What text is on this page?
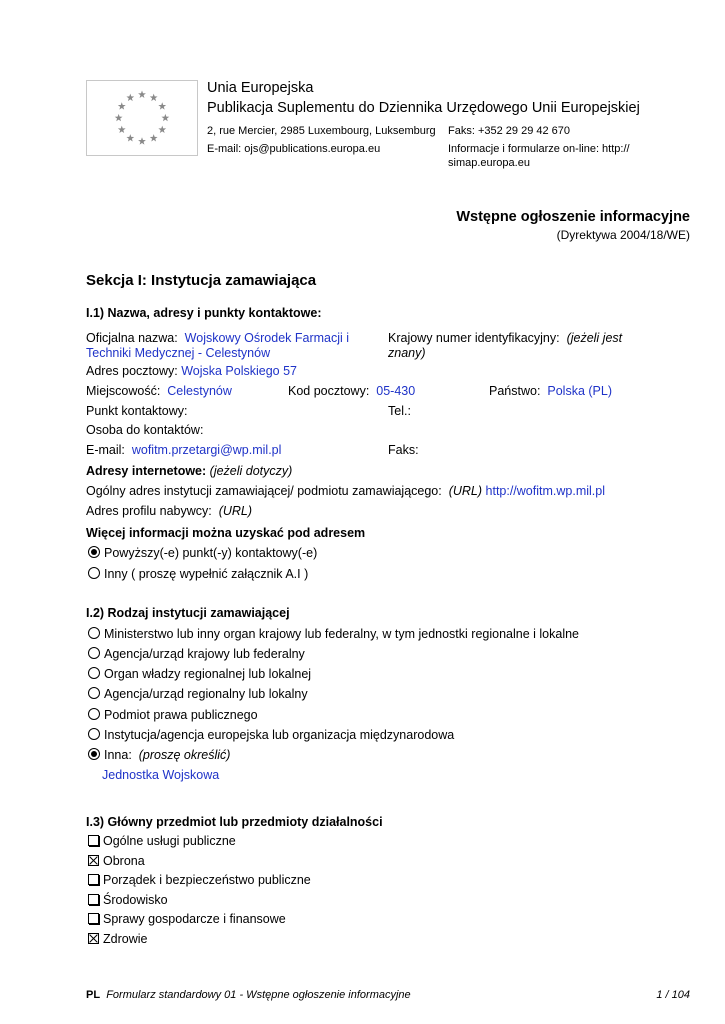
Unia Europejska
Publikacja Suplementu do Dziennika Urzędowego Unii Europejskiej
2, rue Mercier, 2985 Luxembourg, Luksemburg Faks: +352 29 29 42 670
E-mail: ojs@publications.europa.eu	Informacje i formularze on-line: http://
simap.europa.eu
Wstępne ogłoszenie informacyjne
(Dyrektywa 2004/18/WE)
Sekcja I: Instytucja zamawiająca
I.1) Nazwa, adresy i punkty kontaktowe:
Oficjalna nazwa: Wojskowy Ośrodek Farmacji i
Techniki Medycznej - Celestynów
Krajowy numer identyfikacyjny: (jeżeli jest
znany)
Adres pocztowy: Wojska Polskiego 57
Miejscowość: Celestynów	Kod pocztowy: 05-430	Państwo: Polska (PL)
Punkt kontaktowy:	Tel.:
Osoba do kontaktów:
E-mail: wofitm.przetargi@wp.mil.pl	Faks:
Adresy internetowe: (jeżeli dotyczy)
Ogólny adres instytucji zamawiającej/ podmiotu zamawiającego: (URL) http://wofitm.wp.mil.pl
Adres profilu nabywcy: (URL)
Więcej informacji można uzyskać pod adresem
Powyższy(-e) punkt(-y) kontaktowy(-e)
Inny ( proszę wypełnić załącznik A.I )
I.2) Rodzaj instytucji zamawiającej
Ministerstwo lub inny organ krajowy lub federalny, w tym jednostki regionalne i lokalne
Agencja/urząd krajowy lub federalny
Organ władzy regionalnej lub lokalnej
Agencja/urząd regionalny lub lokalny
Podmiot prawa publicznego
Instytucja/agencja europejska lub organizacja międzynarodowa
Inna: (proszę określić)
Jednostka Wojskowa
I.3) Główny przedmiot lub przedmioty działalności
Ogólne usługi publiczne
Obrona
Porządek i bezpieczeństwo publiczne
Środowisko
Sprawy gospodarcze i finansowe
Zdrowie
PL Formularz standardowy 01 - Wstępne ogłoszenie informacyjne	1 / 104
